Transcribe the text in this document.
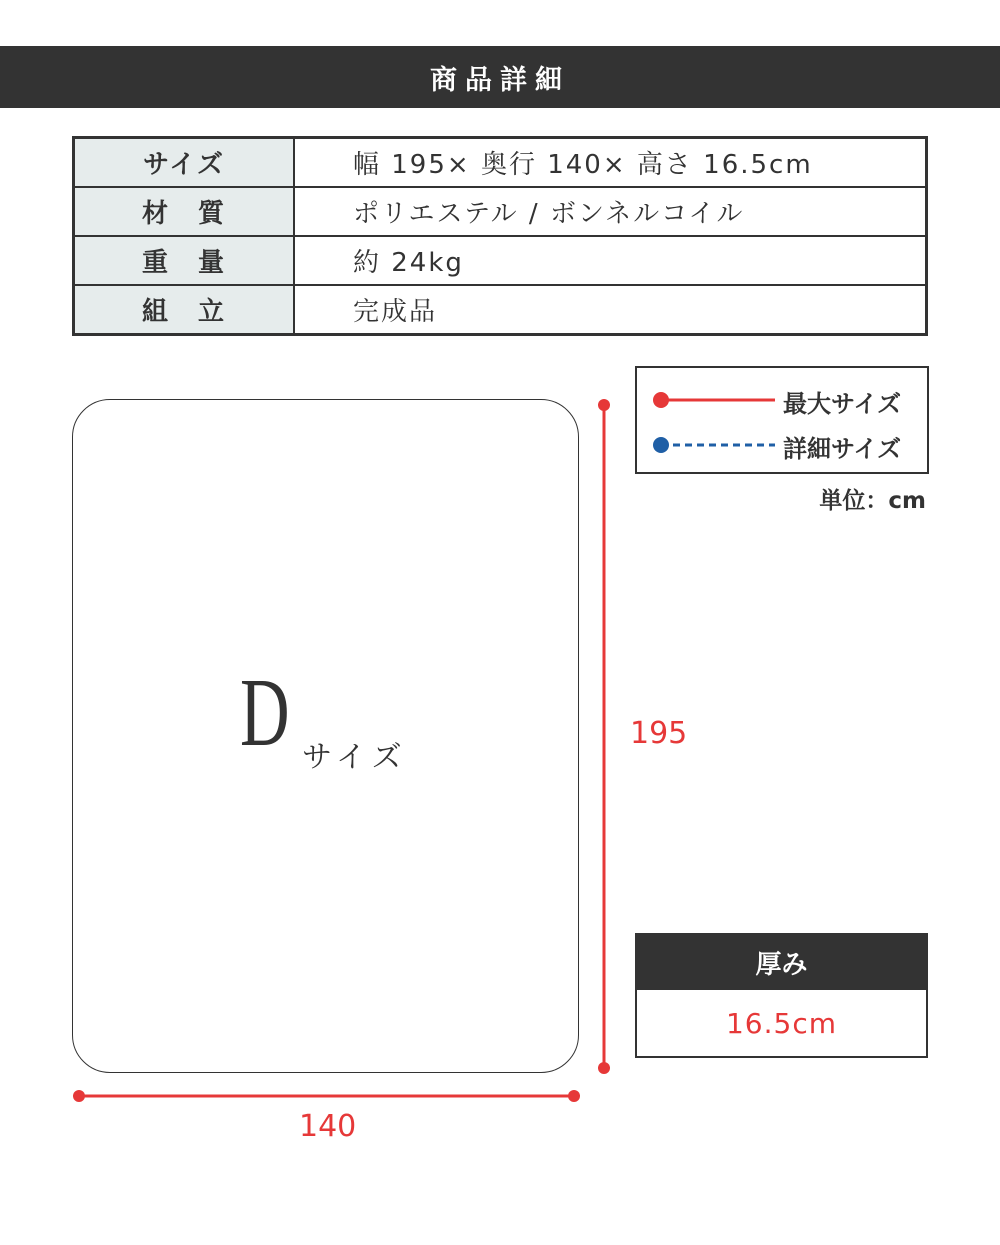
商品詳細
サイズ	幅 195× 奥行 140× 高さ 16.5cm
材　質	ポリエステル / ボンネルコイル
重　量	約 24kg
組　立	完成品
最大サイズ
詳細サイズ
単位：cm
D サイズ
195
140
厚み
16.5cm
